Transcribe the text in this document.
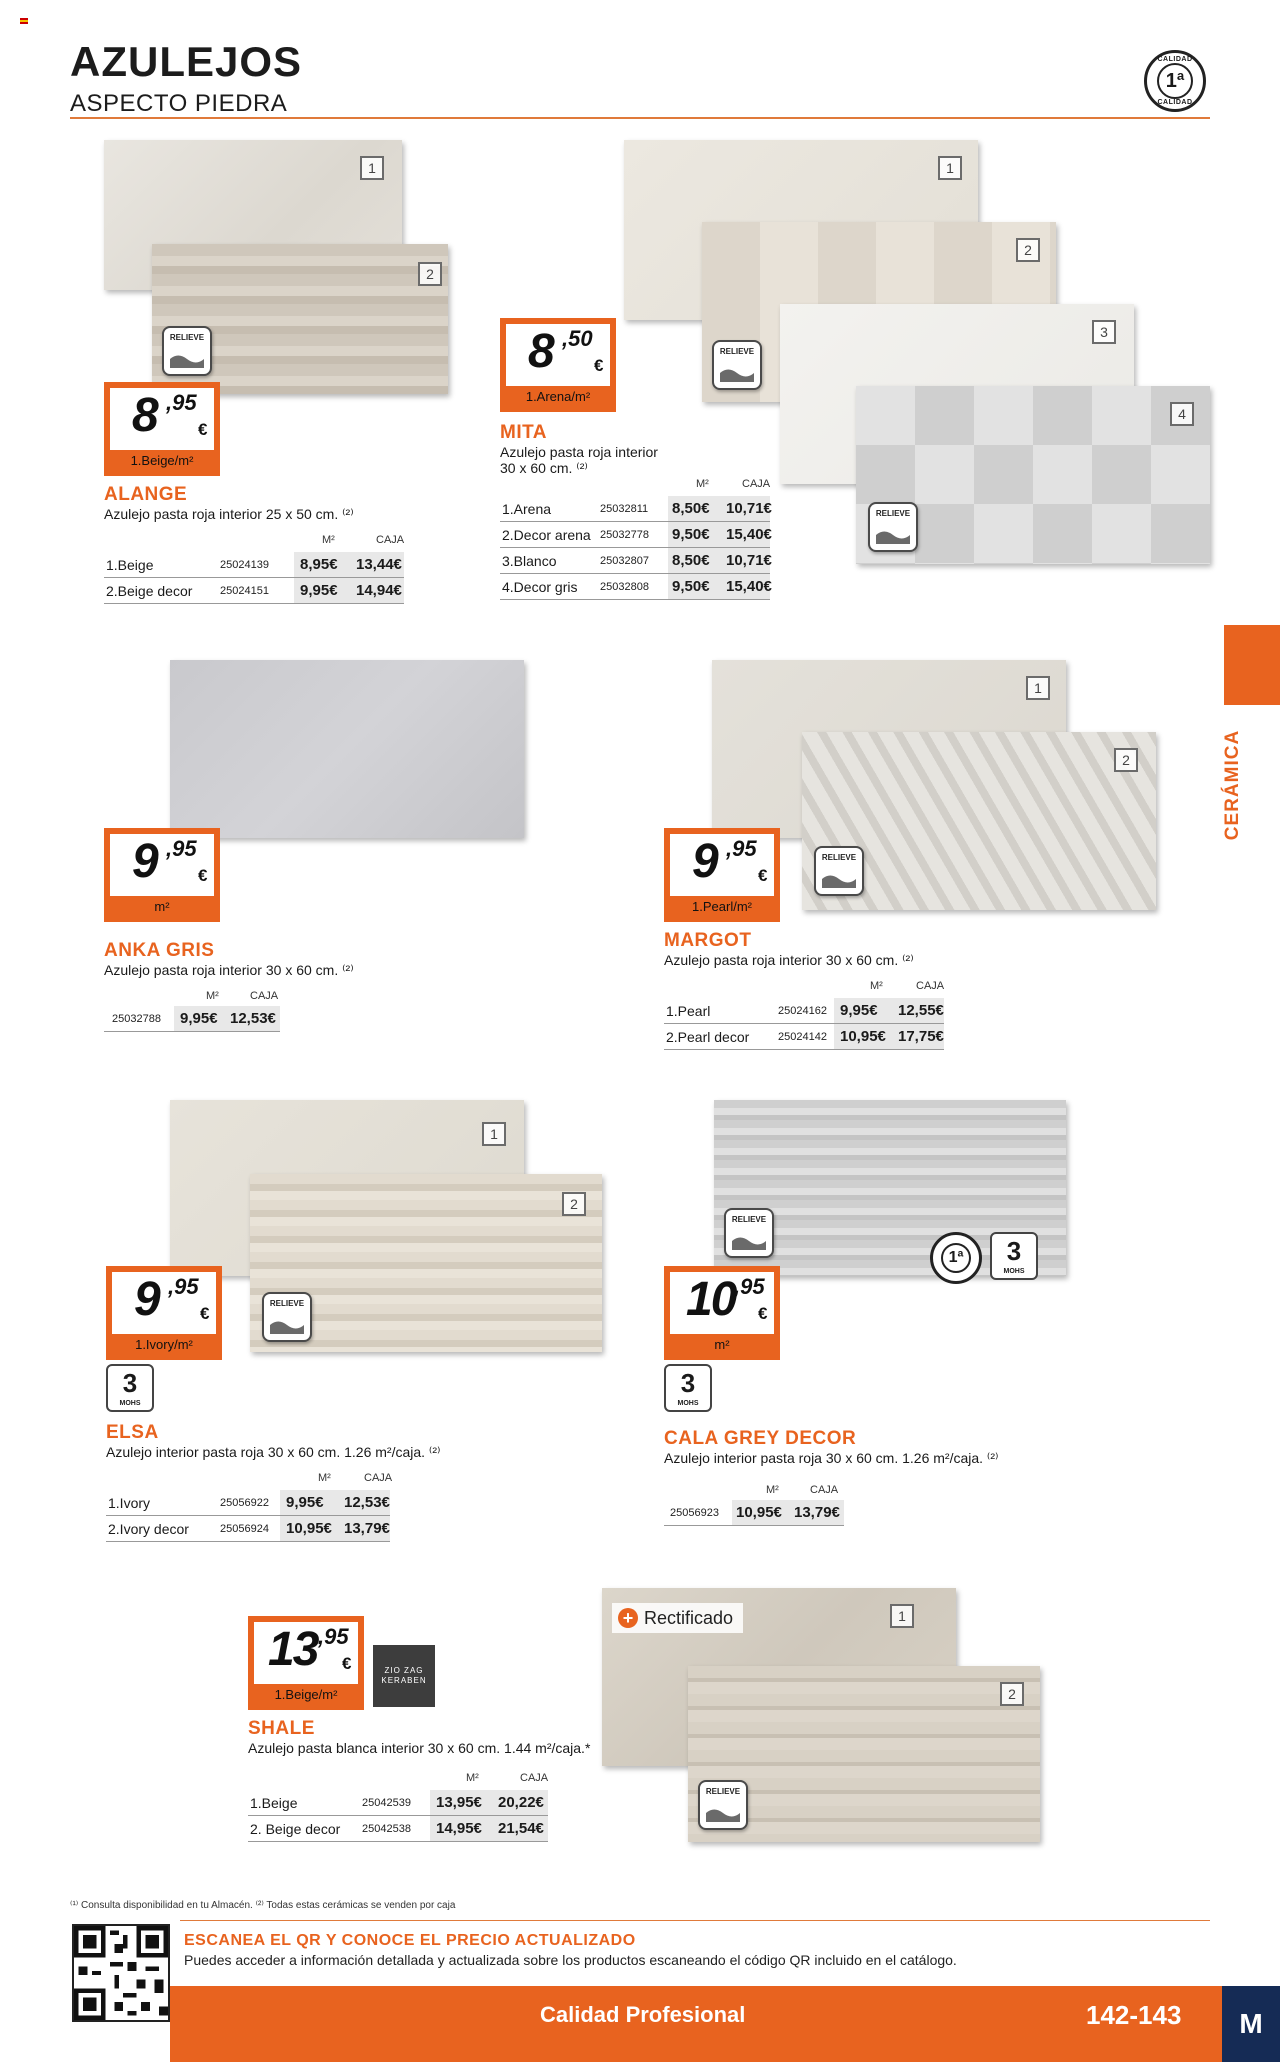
AZULEJOS
ASPECTO PIEDRA
CALIDAD
1ª
CALIDAD
CERÁMICA
1
2
RELIEVE
8 ,95
€
1.Beige/m²
ALANGE
Azulejo pasta roja interior 25 x 50 cm. ⁽²⁾
M²	CAJA
1.Beige	25024139 8,95€ 13,44€
2.Beige decor	25024151 9,95€ 14,94€
1
2
3
4
RELIEVE
RELIEVE
8 ,50
€
1.Arena/m²
MITA
Azulejo pasta roja interior 30 x 60 cm. ⁽²⁾
M²	CAJA
1.Arena	25032811 8,50€ 10,71€
2.Decor arena 25032778 9,50€ 15,40€
3.Blanco	25032807 8,50€ 10,71€
4.Decor gris 25032808 9,50€ 15,40€
9 ,95
€
m²
ANKA GRIS
Azulejo pasta roja interior 30 x 60 cm. ⁽²⁾
M²	CAJA
25032788 9,95€ 12,53€
1
2
RELIEVE
9 ,95
€
1.Pearl/m²
MARGOT
Azulejo pasta roja interior 30 x 60 cm. ⁽²⁾
M²	CAJA
1.Pearl	25024162 9,95€ 12,55€
2.Pearl decor	25024142 10,95€ 17,75€
1
2
RELIEVE
9 ,95
€
1.Ivory/m²
3
MOHS
ELSA
Azulejo interior pasta roja 30 x 60 cm. 1.26 m²/caja. ⁽²⁾
M²	CAJA
1.Ivory	25056922 9,95€ 12,53€
2.Ivory decor	25056924 10,95€ 13,79€
RELIEVE
1ª	3
MOHS
10
,95
€
m²
3
MOHS
CALA GREY DECOR
Azulejo interior pasta roja 30 x 60 cm. 1.26 m²/caja. ⁽²⁾
M²	CAJA
25056923 10,95€ 13,79€
1
2
+ Rectificado
RELIEVE
13 ,95
€
1.Beige/m²
ZIO ZAG KERABEN
SHALE
Azulejo pasta blanca interior 30 x 60 cm. 1.44 m²/caja.*
M²	CAJA
1.Beige	25042539 13,95€ 20,22€
2. Beige decor 25042538 14,95€ 21,54€
⁽¹⁾ Consulta disponibilidad en tu Almacén. ⁽²⁾ Todas estas cerámicas se venden por caja
ESCANEA EL QR Y CONOCE EL PRECIO ACTUALIZADO
Puedes acceder a información detallada y actualizada sobre los productos escaneando el código QR incluido en el catálogo.
Calidad Profesional	142-143	M
